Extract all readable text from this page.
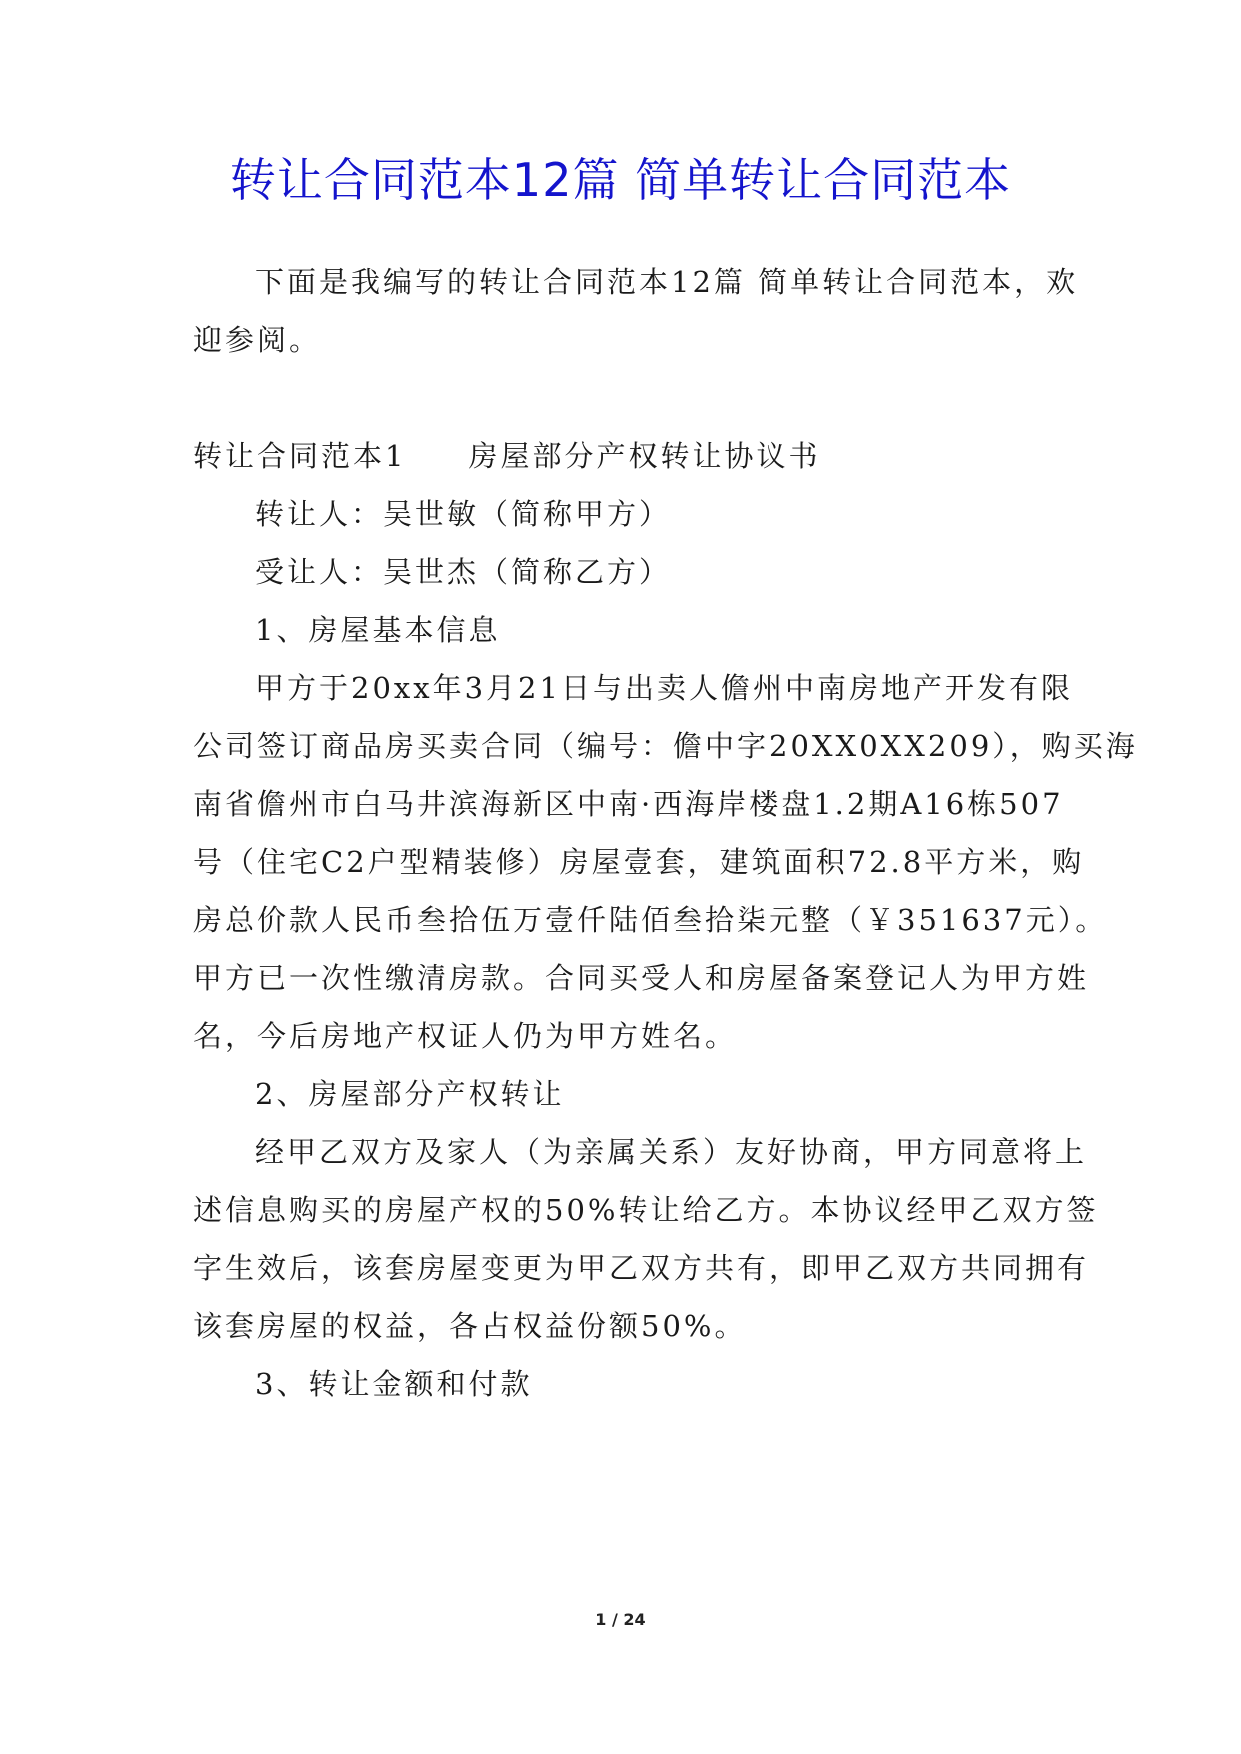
转让合同范本12篇 简单转让合同范本
下面是我编写的转让合同范本12篇 简单转让合同范本，欢
迎参阅。
转让合同范本1 房屋部分产权转让协议书
转让人：吴世敏（简称甲方）
受让人：吴世杰（简称乙方）
1、房屋基本信息
甲方于20xx年3月21日与出卖人儋州中南房地产开发有限
公司签订商品房买卖合同（编号：儋中字20XX0XX209），购买海
南省儋州市白马井滨海新区中南·西海岸楼盘1.2期A16栋507
号（住宅C2户型精装修）房屋壹套，建筑面积72.8平方米，购
房总价款人民币叁拾伍万壹仟陆佰叁拾柒元整（￥351637元）。
甲方已一次性缴清房款。合同买受人和房屋备案登记人为甲方姓
名，今后房地产权证人仍为甲方姓名。
2、房屋部分产权转让
经甲乙双方及家人（为亲属关系）友好协商，甲方同意将上
述信息购买的房屋产权的50%转让给乙方。本协议经甲乙双方签
字生效后，该套房屋变更为甲乙双方共有，即甲乙双方共同拥有
该套房屋的权益，各占权益份额50%。
3、转让金额和付款
1 / 24
